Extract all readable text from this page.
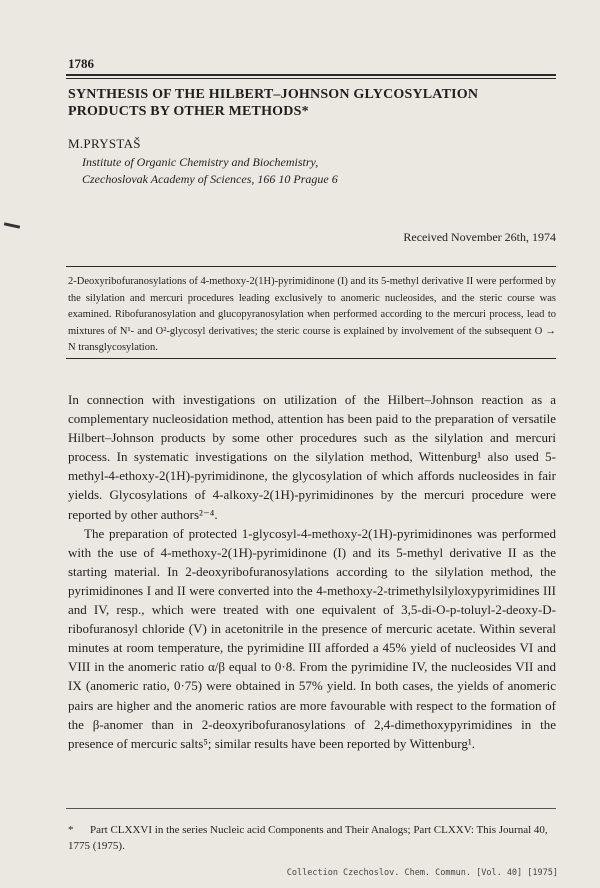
1786
SYNTHESIS OF THE HILBERT–JOHNSON GLYCOSYLATION PRODUCTS BY OTHER METHODS*
M.PRYSTAŠ
Institute of Organic Chemistry and Biochemistry,
Czechoslovak Academy of Sciences, 166 10 Prague 6
Received November 26th, 1974
2-Deoxyribofuranosylations of 4-methoxy-2(1H)-pyrimidinone (I) and its 5-methyl derivative II were performed by the silylation and mercuri procedures leading exclusively to anomeric nucleosides, and the steric course was examined. Ribofuranosylation and glucopyranosylation when performed according to the mercuri process, lead to mixtures of N¹- and O²-glycosyl derivatives; the steric course is explained by involvement of the subsequent O → N transglycosylation.

In connection with investigations on utilization of the Hilbert–Johnson reaction as a complementary nucleosidation method, attention has been paid to the preparation of versatile Hilbert–Johnson products by some other procedures such as the silylation and mercuri process. In systematic investigations on the silylation method, Wittenburg¹ also used 5-methyl-4-ethoxy-2(1H)-pyrimidinone, the glycosylation of which affords nucleosides in fair yields. Glycosylations of 4-alkoxy-2(1H)-pyrimidinones by the mercuri procedure were reported by other authors²⁻⁴.

The preparation of protected 1-glycosyl-4-methoxy-2(1H)-pyrimidinones was performed with the use of 4-methoxy-2(1H)-pyrimidinone (I) and its 5-methyl derivative II as the starting material. In 2-deoxyribofuranosylations according to the silylation method, the pyrimidinones I and II were converted into the 4-methoxy-2-trimethylsilyloxypyrimidines III and IV, resp., which were treated with one equivalent of 3,5-di-O-p-toluyl-2-deoxy-D-ribofuranosyl chloride (V) in acetonitrile in the presence of mercuric acetate. Within several minutes at room temperature, the pyrimidine III afforded a 45% yield of nucleosides VI and VIII in the anomeric ratio α/β equal to 0·8. From the pyrimidine IV, the nucleosides VII and IX (anomeric ratio, 0·75) were obtained in 57% yield. In both cases, the yields of anomeric pairs are higher and the anomeric ratios are more favourable with respect to the formation of the β-anomer than in 2-deoxyribofuranosylations of 2,4-dimethoxypyrimidines in the presence of mercuric salts⁵; similar results have been reported by Wittenburg¹.

* Part CLXXVI in the series Nucleic acid Components and Their Analogs; Part CLXXV: This Journal 40, 1775 (1975).
Collection Czechoslov. Chem. Commun. [Vol. 40] [1975]
